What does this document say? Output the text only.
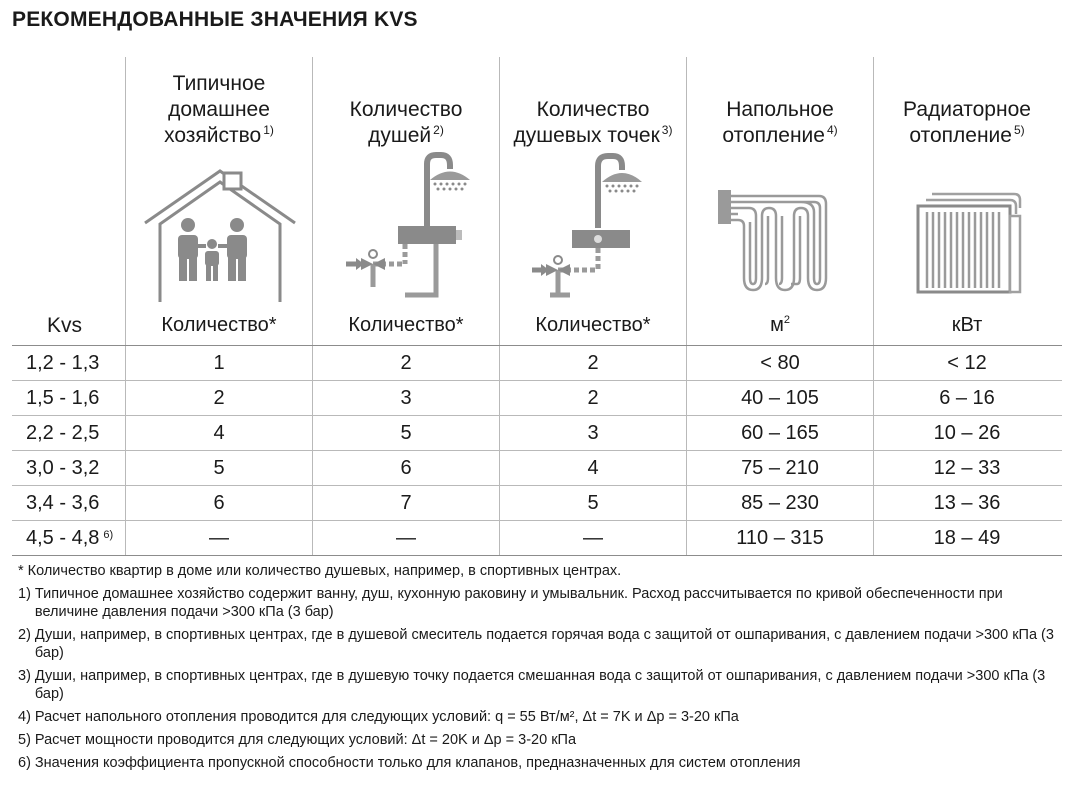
РЕКОМЕНДОВАННЫЕ ЗНАЧЕНИЯ KVS
Типичное
домашнее
хозяйство $^{1)}$
Количество
душей $^{2)}$
Количество
душевых точек $^{3)}$
Напольное
отопление $^{4)}$
Радиаторное
отопление $^{5)}$
Kvs	Количество*	Количество*	Количество*	$м^2$	кВт
1,2 - 1,3	1	2	2	< 80	< 12
1,5 - 1,6	2	3	2	40 – 105	6 – 16
2,2 - 2,5	4	5	3	60 – 165	10 – 26
3,0 - 3,2	5	6	4	75 – 210	12 – 33
3,4 - 3,6	6	7	5	85 – 230	13 – 36
4,5 - 4,8 $^{6)}$	—	—	—	110 – 315	18 – 49
* Количество квартир в доме или количество душевых, например, в спортивных центрах.
1) Типичное домашнее хозяйство содержит ванну, душ, кухонную раковину и умывальник. Расход рассчитывается по кривой обеспеченности при величине давления подачи >300 кПа (3 бар)
2) Души, например, в спортивных центрах, где в душевой смеситель подается горячая вода с защитой от ошпаривания, с давлением подачи >300 кПа (3 бар)
3) Души, например, в спортивных центрах, где в душевую точку подается смешанная вода с защитой от ошпаривания, с давлением подачи >300 кПа (3 бар)
4) Расчет напольного отопления проводится для следующих условий: q = 55 Вт/м², Δt = 7K и Δp = 3-20 кПа
5) Расчет мощности проводится для следующих условий: Δt = 20K и Δp = 3-20 кПа
6) Значения коэффициента пропускной способности только для клапанов, предназначенных для систем отопления
